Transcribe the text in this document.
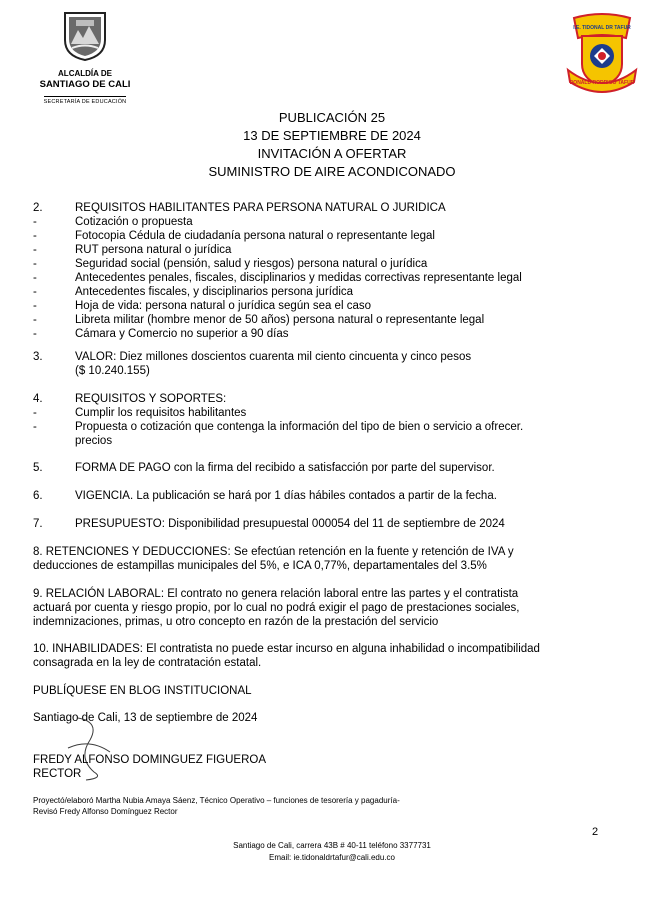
ALCALDÍA DE
SANTIAGO DE CALI
SECRETARÍA DE EDUCACIÓN
I.E. TIDONAL DR TAFUR
DONALD RODRIGO TAFUR
PUBLICACIÓN 25
13 DE SEPTIEMBRE DE 2024
INVITACIÓN A OFERTAR
SUMINISTRO DE AIRE ACONDICONADO
2.	REQUISITOS HABILITANTES PARA PERSONA NATURAL O JURIDICA
-	Cotización o propuesta
-	Fotocopia Cédula de ciudadanía persona natural o representante legal
-	RUT persona natural o jurídica
-	Seguridad social (pensión, salud y riesgos) persona natural o jurídica
-	Antecedentes penales, fiscales, disciplinarios y medidas correctivas representante legal
-	Antecedentes fiscales, y disciplinarios persona jurídica
-	Hoja de vida: persona natural o jurídica según sea el caso
-	Libreta militar (hombre menor de 50 años) persona natural o representante legal
-	Cámara y Comercio no superior a 90 días
3.	VALOR: Diez millones doscientos cuarenta mil ciento cincuenta y cinco pesos
($ 10.240.155)
4.	REQUISITOS Y SOPORTES:
-	Cumplir los requisitos habilitantes
-	Propuesta o cotización que contenga la información del tipo de bien o servicio a ofrecer.
precios
5.	FORMA DE PAGO con la firma del recibido a satisfacción por parte del supervisor.
6.	VIGENCIA. La publicación se hará por 1 días hábiles contados a partir de la fecha.
7.	PRESUPUESTO: Disponibilidad presupuestal 000054 del 11 de septiembre de 2024
8. RETENCIONES Y DEDUCCIONES: Se efectúan retención en la fuente y retención de IVA y
deducciones de estampillas municipales del 5%, e ICA 0,77%, departamentales del 3.5%
9. RELACIÓN LABORAL: El contrato no genera relación laboral entre las partes y el contratista
actuará por cuenta y riesgo propio, por lo cual no podrá exigir el pago de prestaciones sociales,
indemnizaciones, primas, u otro concepto en razón de la prestación del servicio
10. INHABILIDADES: El contratista no puede estar incurso en alguna inhabilidad o incompatibilidad
consagrada en la ley de contratación estatal.
PUBLÍQUESE EN BLOG INSTITUCIONAL
Santiago de Cali, 13 de septiembre de 2024
FREDY ALFONSO DOMINGUEZ FIGUEROA
RECTOR
Proyectó/elaboró Martha Nubia Amaya Sáenz, Técnico Operativo – funciones de tesorería y pagaduría-
Revisó Fredy Alfonso Domínguez Rector
2
Santiago de Cali, carrera 43B # 40-11 teléfono 3377731
Email: ie.tidonaldrtafur@cali.edu.co
